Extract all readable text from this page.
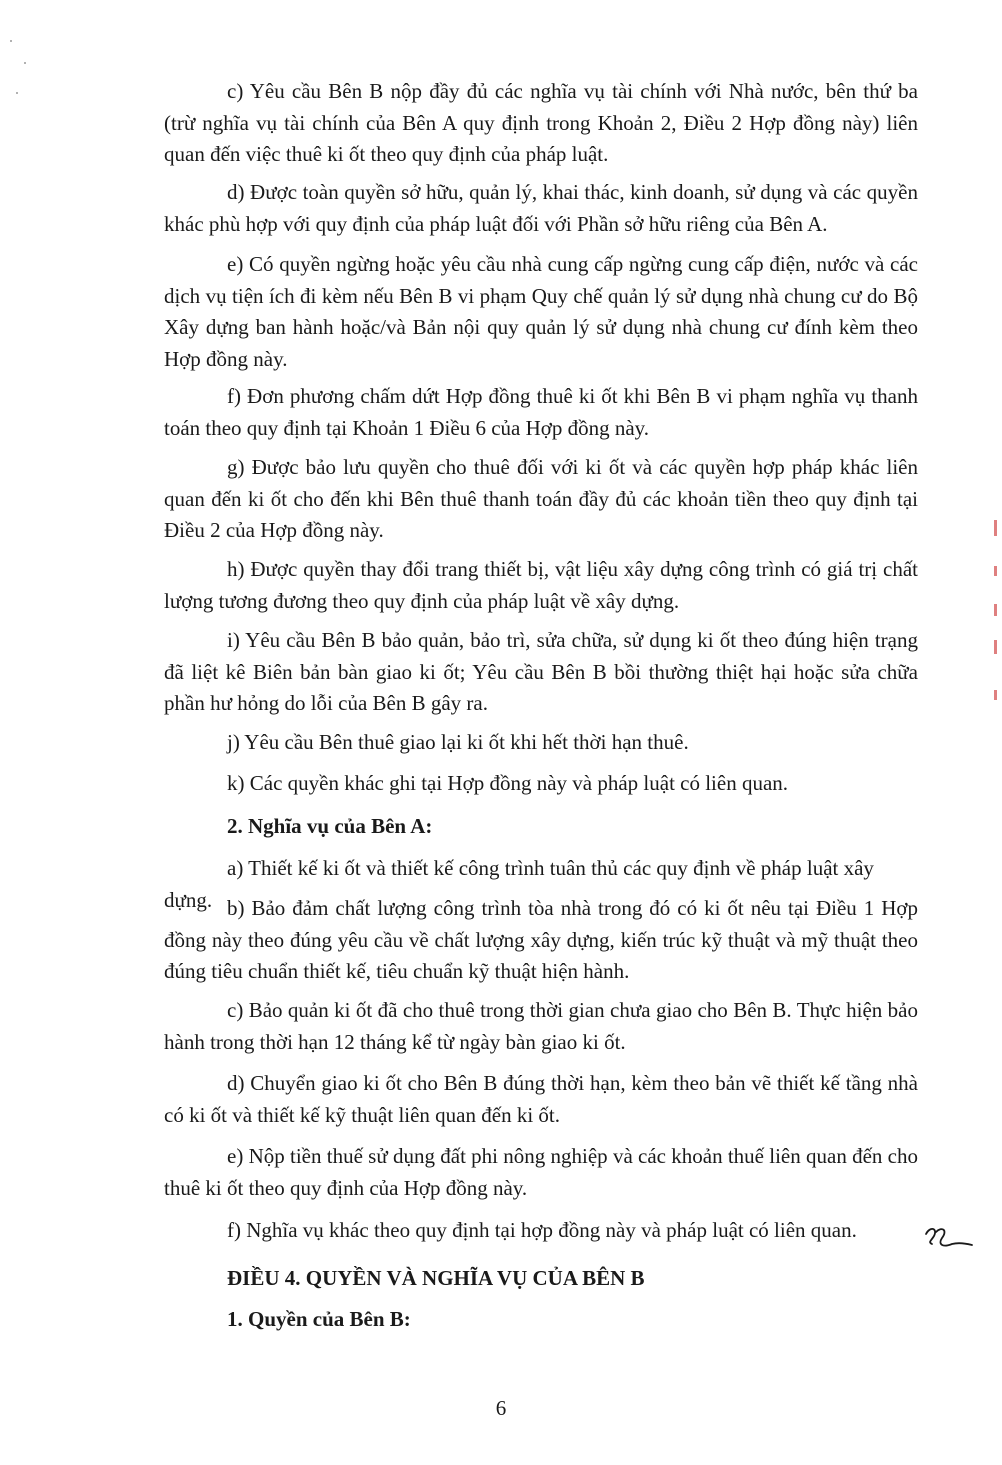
c) Yêu cầu Bên B nộp đầy đủ các nghĩa vụ tài chính với Nhà nước, bên thứ ba (trừ nghĩa vụ tài chính của Bên A quy định trong Khoản 2, Điều 2 Hợp đồng này) liên quan đến việc thuê ki ốt theo quy định của pháp luật.

d) Được toàn quyền sở hữu, quản lý, khai thác, kinh doanh, sử dụng và các quyền khác phù hợp với quy định của pháp luật đối với Phần sở hữu riêng của Bên A.

e) Có quyền ngừng hoặc yêu cầu nhà cung cấp ngừng cung cấp điện, nước và các dịch vụ tiện ích đi kèm nếu Bên B vi phạm Quy chế quản lý sử dụng nhà chung cư do Bộ Xây dựng ban hành hoặc/và Bản nội quy quản lý sử dụng nhà chung cư đính kèm theo Hợp đồng này.

f) Đơn phương chấm dứt Hợp đồng thuê ki ốt khi Bên B vi phạm nghĩa vụ thanh toán theo quy định tại Khoản 1 Điều 6 của Hợp đồng này.

g) Được bảo lưu quyền cho thuê đối với ki ốt và các quyền hợp pháp khác liên quan đến ki ốt cho đến khi Bên thuê thanh toán đầy đủ các khoản tiền theo quy định tại Điều 2 của Hợp đồng này.

h) Được quyền thay đổi trang thiết bị, vật liệu xây dựng công trình có giá trị chất lượng tương đương theo quy định của pháp luật về xây dựng.

i) Yêu cầu Bên B bảo quản, bảo trì, sửa chữa, sử dụng ki ốt theo đúng hiện trạng đã liệt kê Biên bản bàn giao ki ốt; Yêu cầu Bên B bồi thường thiệt hại hoặc sửa chữa phần hư hỏng do lỗi của Bên B gây ra.

j) Yêu cầu Bên thuê giao lại ki ốt khi hết thời hạn thuê.

k) Các quyền khác ghi tại Hợp đồng này và pháp luật có liên quan.

2. Nghĩa vụ của Bên A:

a) Thiết kế ki ốt và thiết kế công trình tuân thủ các quy định về pháp luật xây dựng. b) Bảo đảm chất lượng công trình tòa nhà trong đó có ki ốt nêu tại Điều 1 Hợp đồng này theo đúng yêu cầu về chất lượng xây dựng, kiến trúc kỹ thuật và mỹ thuật theo đúng tiêu chuẩn thiết kế, tiêu chuẩn kỹ thuật hiện hành.

c) Bảo quản ki ốt đã cho thuê trong thời gian chưa giao cho Bên B. Thực hiện bảo hành trong thời hạn 12 tháng kể từ ngày bàn giao ki ốt.

d) Chuyển giao ki ốt cho Bên B đúng thời hạn, kèm theo bản vẽ thiết kế tầng nhà có ki ốt và thiết kế kỹ thuật liên quan đến ki ốt.

e) Nộp tiền thuế sử dụng đất phi nông nghiệp và các khoản thuế liên quan đến cho thuê ki ốt theo quy định của Hợp đồng này.

f) Nghĩa vụ khác theo quy định tại hợp đồng này và pháp luật có liên quan.

ĐIỀU 4. QUYỀN VÀ NGHĨA VỤ CỦA BÊN B

1. Quyền của Bên B:

6
